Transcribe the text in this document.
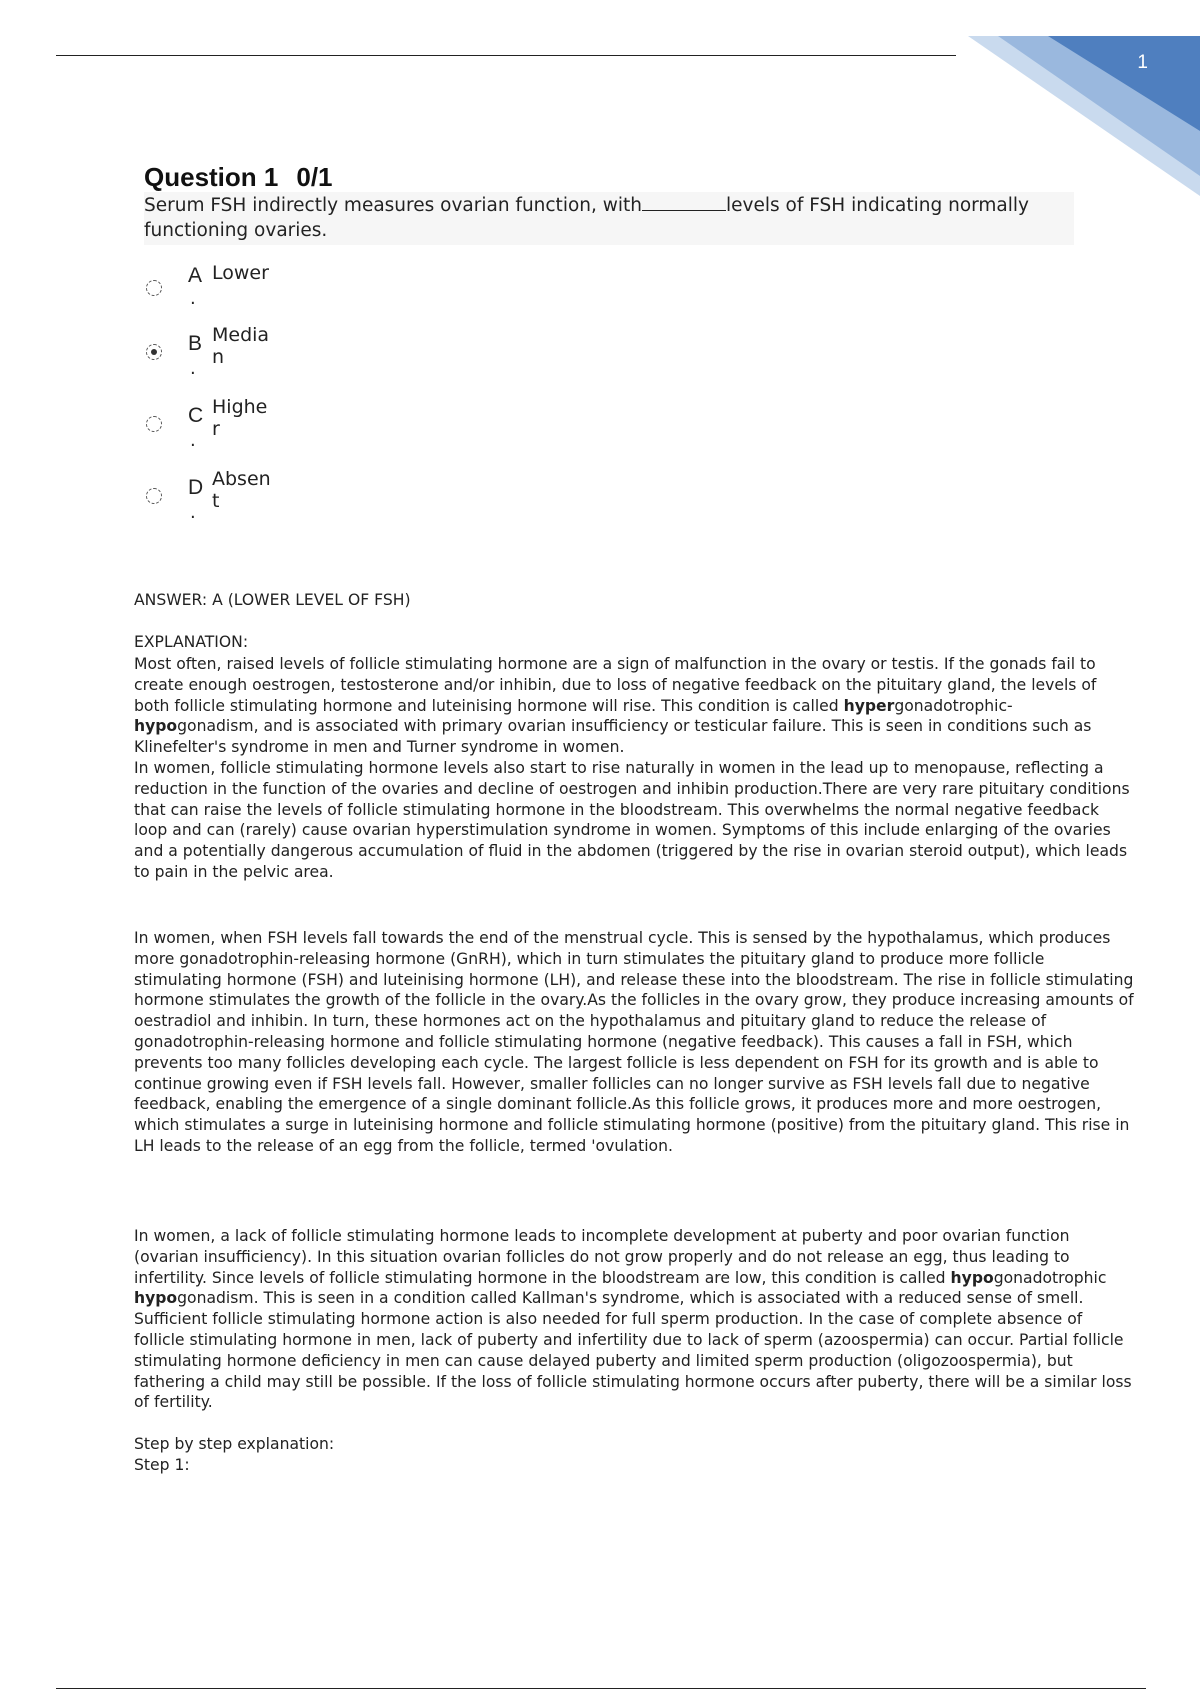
1
Question 1 0/1
Serum FSH indirectly measures ovarian function, with	levels of FSH indicating normally functioning ovaries.
A
.
Lower
B
.
Median
C
.
Higher
D
.
Absent

ANSWER: A (LOWER LEVEL OF FSH)

EXPLANATION:

Most often, raised levels of follicle stimulating hormone are a sign of malfunction in the ovary or testis. If the gonads fail to create enough oestrogen, testosterone and/or inhibin, due to loss of negative feedback on the pituitary gland, the levels of both follicle stimulating hormone and luteinising hormone will rise. This condition is called hypergonadotrophic-hypogonadism, and is associated with primary ovarian insufficiency or testicular failure. This is seen in conditions such as Klinefelter's syndrome in men and Turner syndrome in women.
In women, follicle stimulating hormone levels also start to rise naturally in women in the lead up to menopause, reflecting a reduction in the function of the ovaries and decline of oestrogen and inhibin production.There are very rare pituitary conditions that can raise the levels of follicle stimulating hormone in the bloodstream. This overwhelms the normal negative feedback loop and can (rarely) cause ovarian hyperstimulation syndrome in women. Symptoms of this include enlarging of the ovaries and a potentially dangerous accumulation of fluid in the abdomen (triggered by the rise in ovarian steroid output), which leads to pain in the pelvic area.
In women, when FSH levels fall towards the end of the menstrual cycle. This is sensed by the hypothalamus, which produces more gonadotrophin-releasing hormone (GnRH), which in turn stimulates the pituitary gland to produce more follicle stimulating hormone (FSH) and luteinising hormone (LH), and release these into the bloodstream. The rise in follicle stimulating hormone stimulates the growth of the follicle in the ovary.As the follicles in the ovary grow, they produce increasing amounts of oestradiol and inhibin. In turn, these hormones act on the hypothalamus and pituitary gland to reduce the release of gonadotrophin-releasing hormone and follicle stimulating hormone (negative feedback). This causes a fall in FSH, which prevents too many follicles developing each cycle. The largest follicle is less dependent on FSH for its growth and is able to continue growing even if FSH levels fall. However, smaller follicles can no longer survive as FSH levels fall due to negative feedback, enabling the emergence of a single dominant follicle.As this follicle grows, it produces more and more oestrogen, which stimulates a surge in luteinising hormone and follicle stimulating hormone (positive) from the pituitary gland. This rise in LH leads to the release of an egg from the follicle, termed 'ovulation.
In women, a lack of follicle stimulating hormone leads to incomplete development at puberty and poor ovarian function (ovarian insufficiency). In this situation ovarian follicles do not grow properly and do not release an egg, thus leading to infertility. Since levels of follicle stimulating hormone in the bloodstream are low, this condition is called hypogonadotrophic hypogonadism. This is seen in a condition called Kallman's syndrome, which is associated with a reduced sense of smell.
Sufficient follicle stimulating hormone action is also needed for full sperm production. In the case of complete absence of follicle stimulating hormone in men, lack of puberty and infertility due to lack of sperm (azoospermia) can occur. Partial follicle stimulating hormone deficiency in men can cause delayed puberty and limited sperm production (oligozoospermia), but fathering a child may still be possible. If the loss of follicle stimulating hormone occurs after puberty, there will be a similar loss of fertility.
Step by step explanation:
Step 1:
